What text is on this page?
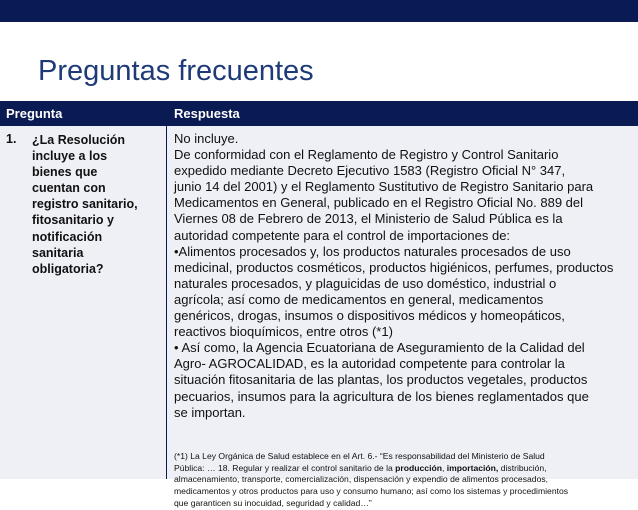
Preguntas frecuentes
Pregunta	Respuesta
1. ¿La Resolución
incluye a los
bienes que
cuentan con
registro sanitario,
fitosanitario y
notificación
sanitaria
obligatoria?
No incluye.
De conformidad con el Reglamento de Registro y Control Sanitario
expedido mediante Decreto Ejecutivo 1583 (Registro Oficial N° 347,
junio 14 del 2001) y el Reglamento Sustitutivo de Registro Sanitario para
Medicamentos en General, publicado en el Registro Oficial No. 889 del
Viernes 08 de Febrero de 2013, el Ministerio de Salud Pública es la
autoridad competente para el control de importaciones de:
•Alimentos procesados y, los productos naturales procesados de uso
medicinal, productos cosméticos, productos higiénicos, perfumes, productos
naturales procesados, y plaguicidas de uso doméstico, industrial o
agrícola; así como de medicamentos en general, medicamentos
genéricos, drogas, insumos o dispositivos médicos y homeopáticos,
reactivos bioquímicos, entre otros (*1)
• Así como, la Agencia Ecuatoriana de Aseguramiento de la Calidad del
Agro- AGROCALIDAD, es la autoridad competente para controlar la
situación fitosanitaria de las plantas, los productos vegetales, productos
pecuarios, insumos para la agricultura de los bienes reglamentados que
se importan.
(*1) La Ley Orgánica de Salud establece en el Art. 6.- “Es responsabilidad del Ministerio de Salud
Pública: … 18. Regular y realizar el control sanitario de la producción, importación, distribución,
almacenamiento, transporte, comercialización, dispensación y expendio de alimentos procesados,
medicamentos y otros productos para uso y consumo humano; así como los sistemas y procedimientos
que garanticen su inocuidad, seguridad y calidad…”
